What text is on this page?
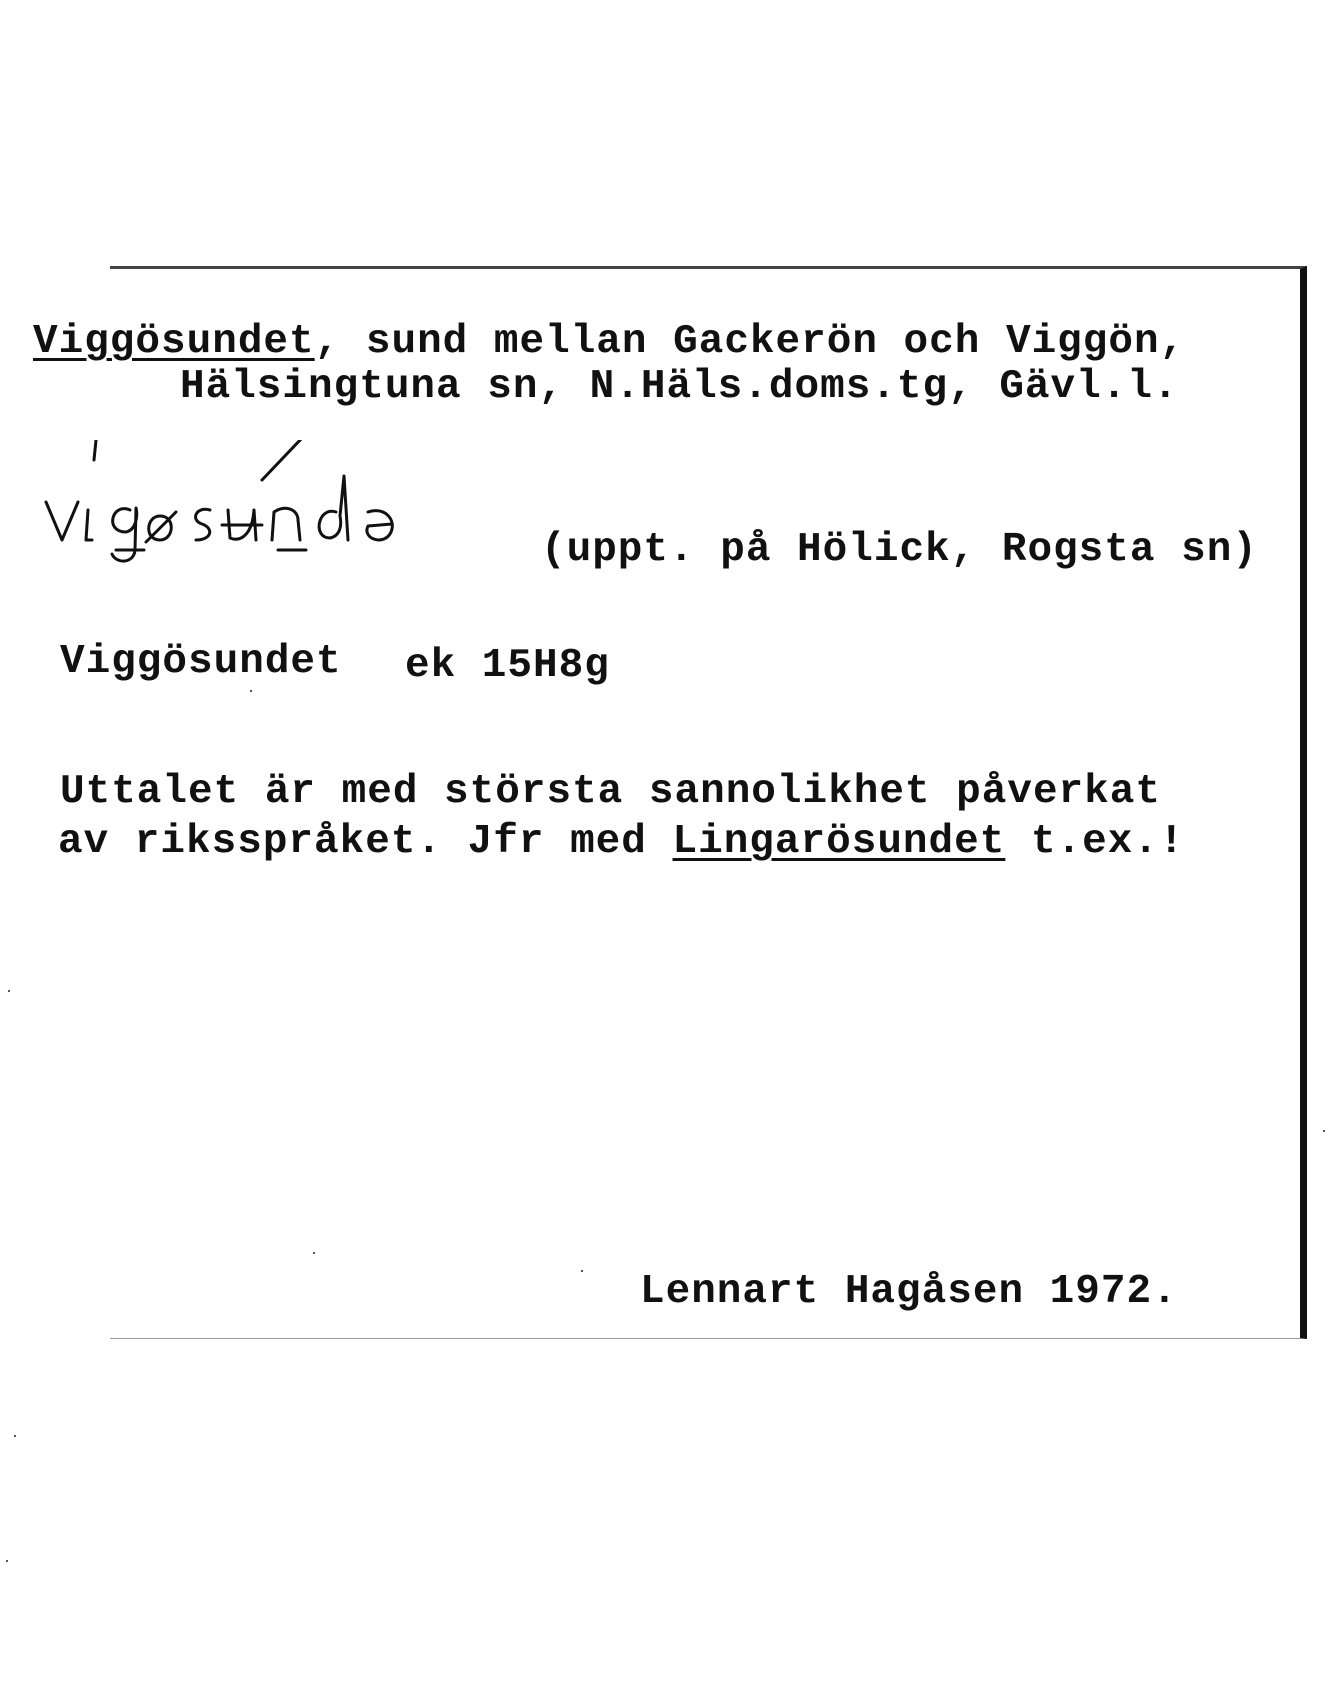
Viggösundet, sund mellan Gackerön och Viggön,
Hälsingtuna sn, N.Häls.doms.tg, Gävl.l.
(uppt. på Hölick, Rogsta sn)
Viggösundet ek 15H8g
Uttalet är med största sannolikhet påverkat
av riksspråket. Jfr med Lingarösundet t.ex.!
Lennart Hagåsen 1972.
